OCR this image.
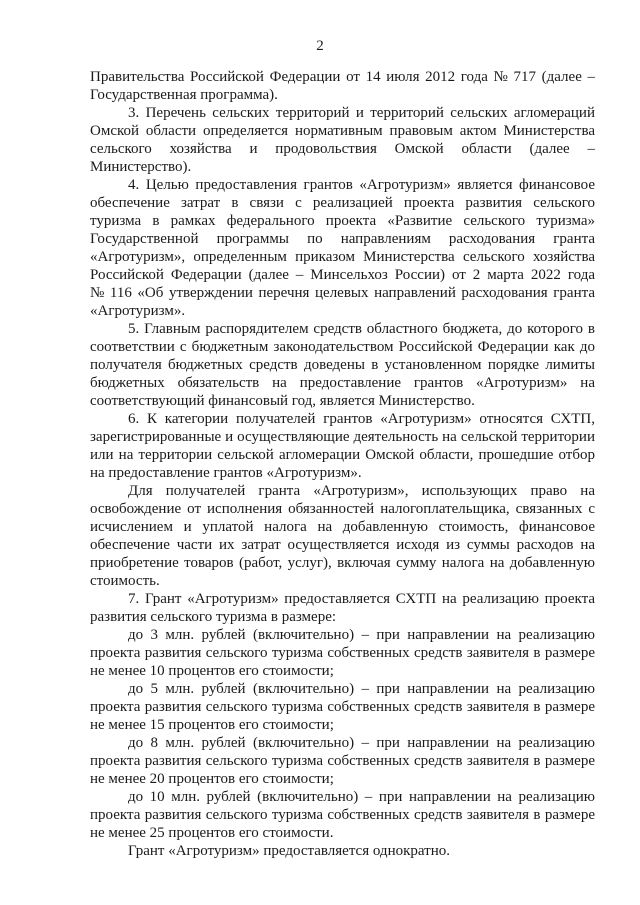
2
Правительства Российской Федерации от 14 июля 2012 года № 717 (далее –
Государственная программа).
3. Перечень сельских территорий и территорий сельских агломераций
Омской области определяется нормативным правовым актом Министерства
сельского хозяйства и продовольствия Омской области (далее –
Министерство).
4. Целью предоставления грантов «Агротуризм» является финансовое
обеспечение затрат в связи с реализацией проекта развития сельского
туризма в рамках федерального проекта «Развитие сельского туризма»
Государственной программы по направлениям расходования гранта
«Агротуризм», определенным приказом Министерства сельского хозяйства
Российской Федерации (далее – Минсельхоз России) от 2 марта 2022 года
№ 116 «Об утверждении перечня целевых направлений расходования гранта
«Агротуризм».
5. Главным распорядителем средств областного бюджета, до которого в
соответствии с бюджетным законодательством Российской Федерации как до
получателя бюджетных средств доведены в установленном порядке лимиты
бюджетных обязательств на предоставление грантов «Агротуризм» на
соответствующий финансовый год, является Министерство.
6. К категории получателей грантов «Агротуризм» относятся СХТП,
зарегистрированные и осуществляющие деятельность на сельской территории
или на территории сельской агломерации Омской области, прошедшие отбор
на предоставление грантов «Агротуризм».
Для получателей гранта «Агротуризм», использующих право на
освобождение от исполнения обязанностей налогоплательщика, связанных с
исчислением и уплатой налога на добавленную стоимость, финансовое
обеспечение части их затрат осуществляется исходя из суммы расходов на
приобретение товаров (работ, услуг), включая сумму налога на добавленную
стоимость.
7. Грант «Агротуризм» предоставляется СХТП на реализацию проекта
развития сельского туризма в размере:
до 3 млн. рублей (включительно) – при направлении на реализацию
проекта развития сельского туризма собственных средств заявителя в размере
не менее 10 процентов его стоимости;
до 5 млн. рублей (включительно) – при направлении на реализацию
проекта развития сельского туризма собственных средств заявителя в размере
не менее 15 процентов его стоимости;
до 8 млн. рублей (включительно) – при направлении на реализацию
проекта развития сельского туризма собственных средств заявителя в размере
не менее 20 процентов его стоимости;
до 10 млн. рублей (включительно) – при направлении на реализацию
проекта развития сельского туризма собственных средств заявителя в размере
не менее 25 процентов его стоимости.
Грант «Агротуризм» предоставляется однократно.
